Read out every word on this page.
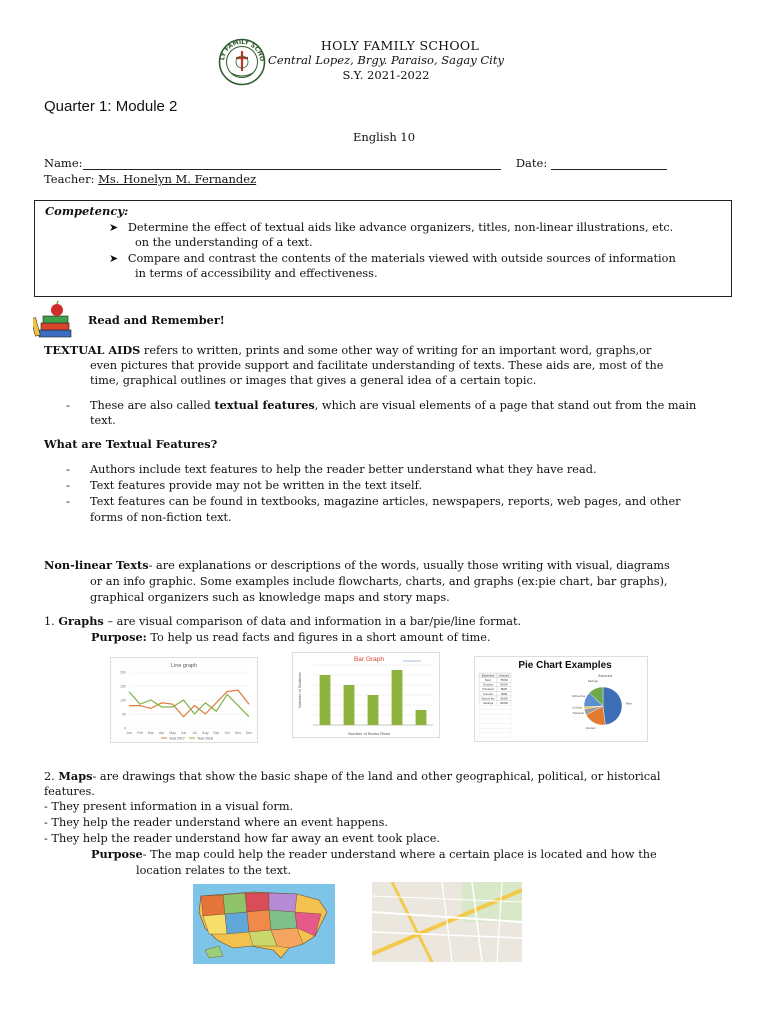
LY FAMILY SCHO
HOLY FAMILY SCHOOL
Central Lopez, Brgy. Paraiso, Sagay City
S.Y. 2021-2022
Quarter 1: Module 2
English 10
Name:	Date:
Teacher: Ms. Honelyn M. Fernandez
Competency:
➤ Determine the effect of textual aids like advance organizers, titles, non-linear illustrations, etc.
on the understanding of a text.
➤ Compare and contrast the contents of the materials viewed with outside sources of information
in terms of accessibility and effectiveness.
Read and Remember!
TEXTUAL AIDS refers to written, prints and some other way of writing for an important word, graphs,or
even pictures that provide support and facilitate understanding of texts. These aids are, most of the
time, graphical outlines or images that gives a general idea of a certain topic.
- These are also called textual features, which are visual elements of a page that stand out from the main
text.
What are Textual Features?
- Authors include text features to help the reader better understand what they have read.
- Text features provide may not be written in the text itself.
- Text features can be found in textbooks, magazine articles, newspapers, reports, web pages, and other
forms of non-fiction text.
Non-linear Texts- are explanations or descriptions of the words, usually those writing with visual, diagrams
or an info graphic. Some examples include flowcharts, charts, and graphs (ex:pie chart, bar graphs),
graphical organizers such as knowledge maps and story maps.
1. Graphs – are visual comparison of data and information in a bar/pie/line format.
Purpose: To help us read facts and figures in a short amount of time.
Line graph
200
150
100
50
0
Jan Feb Mar Apr May Jun Jul Aug Sep Oct Nov Dec
Year 2017	Year 2018
Bar Graph
Number of Students
Number of Books Read
Pie Chart Examples
Amount
Expenses Amount
Rent	75000
Grocery	30000
Transport 8000
Comfort	3000
School fee 20000
Savings	20000	Rent
Grocery
Transport
Comfort
School fee
Savings
2. Maps- are drawings that show the basic shape of the land and other geographical, political, or historical
features.
- They present information in a visual form.
- They help the reader understand where an event happens.
- They help the reader understand how far away an event took place.
Purpose- The map could help the reader understand where a certain place is located and how the
location relates to the text.
